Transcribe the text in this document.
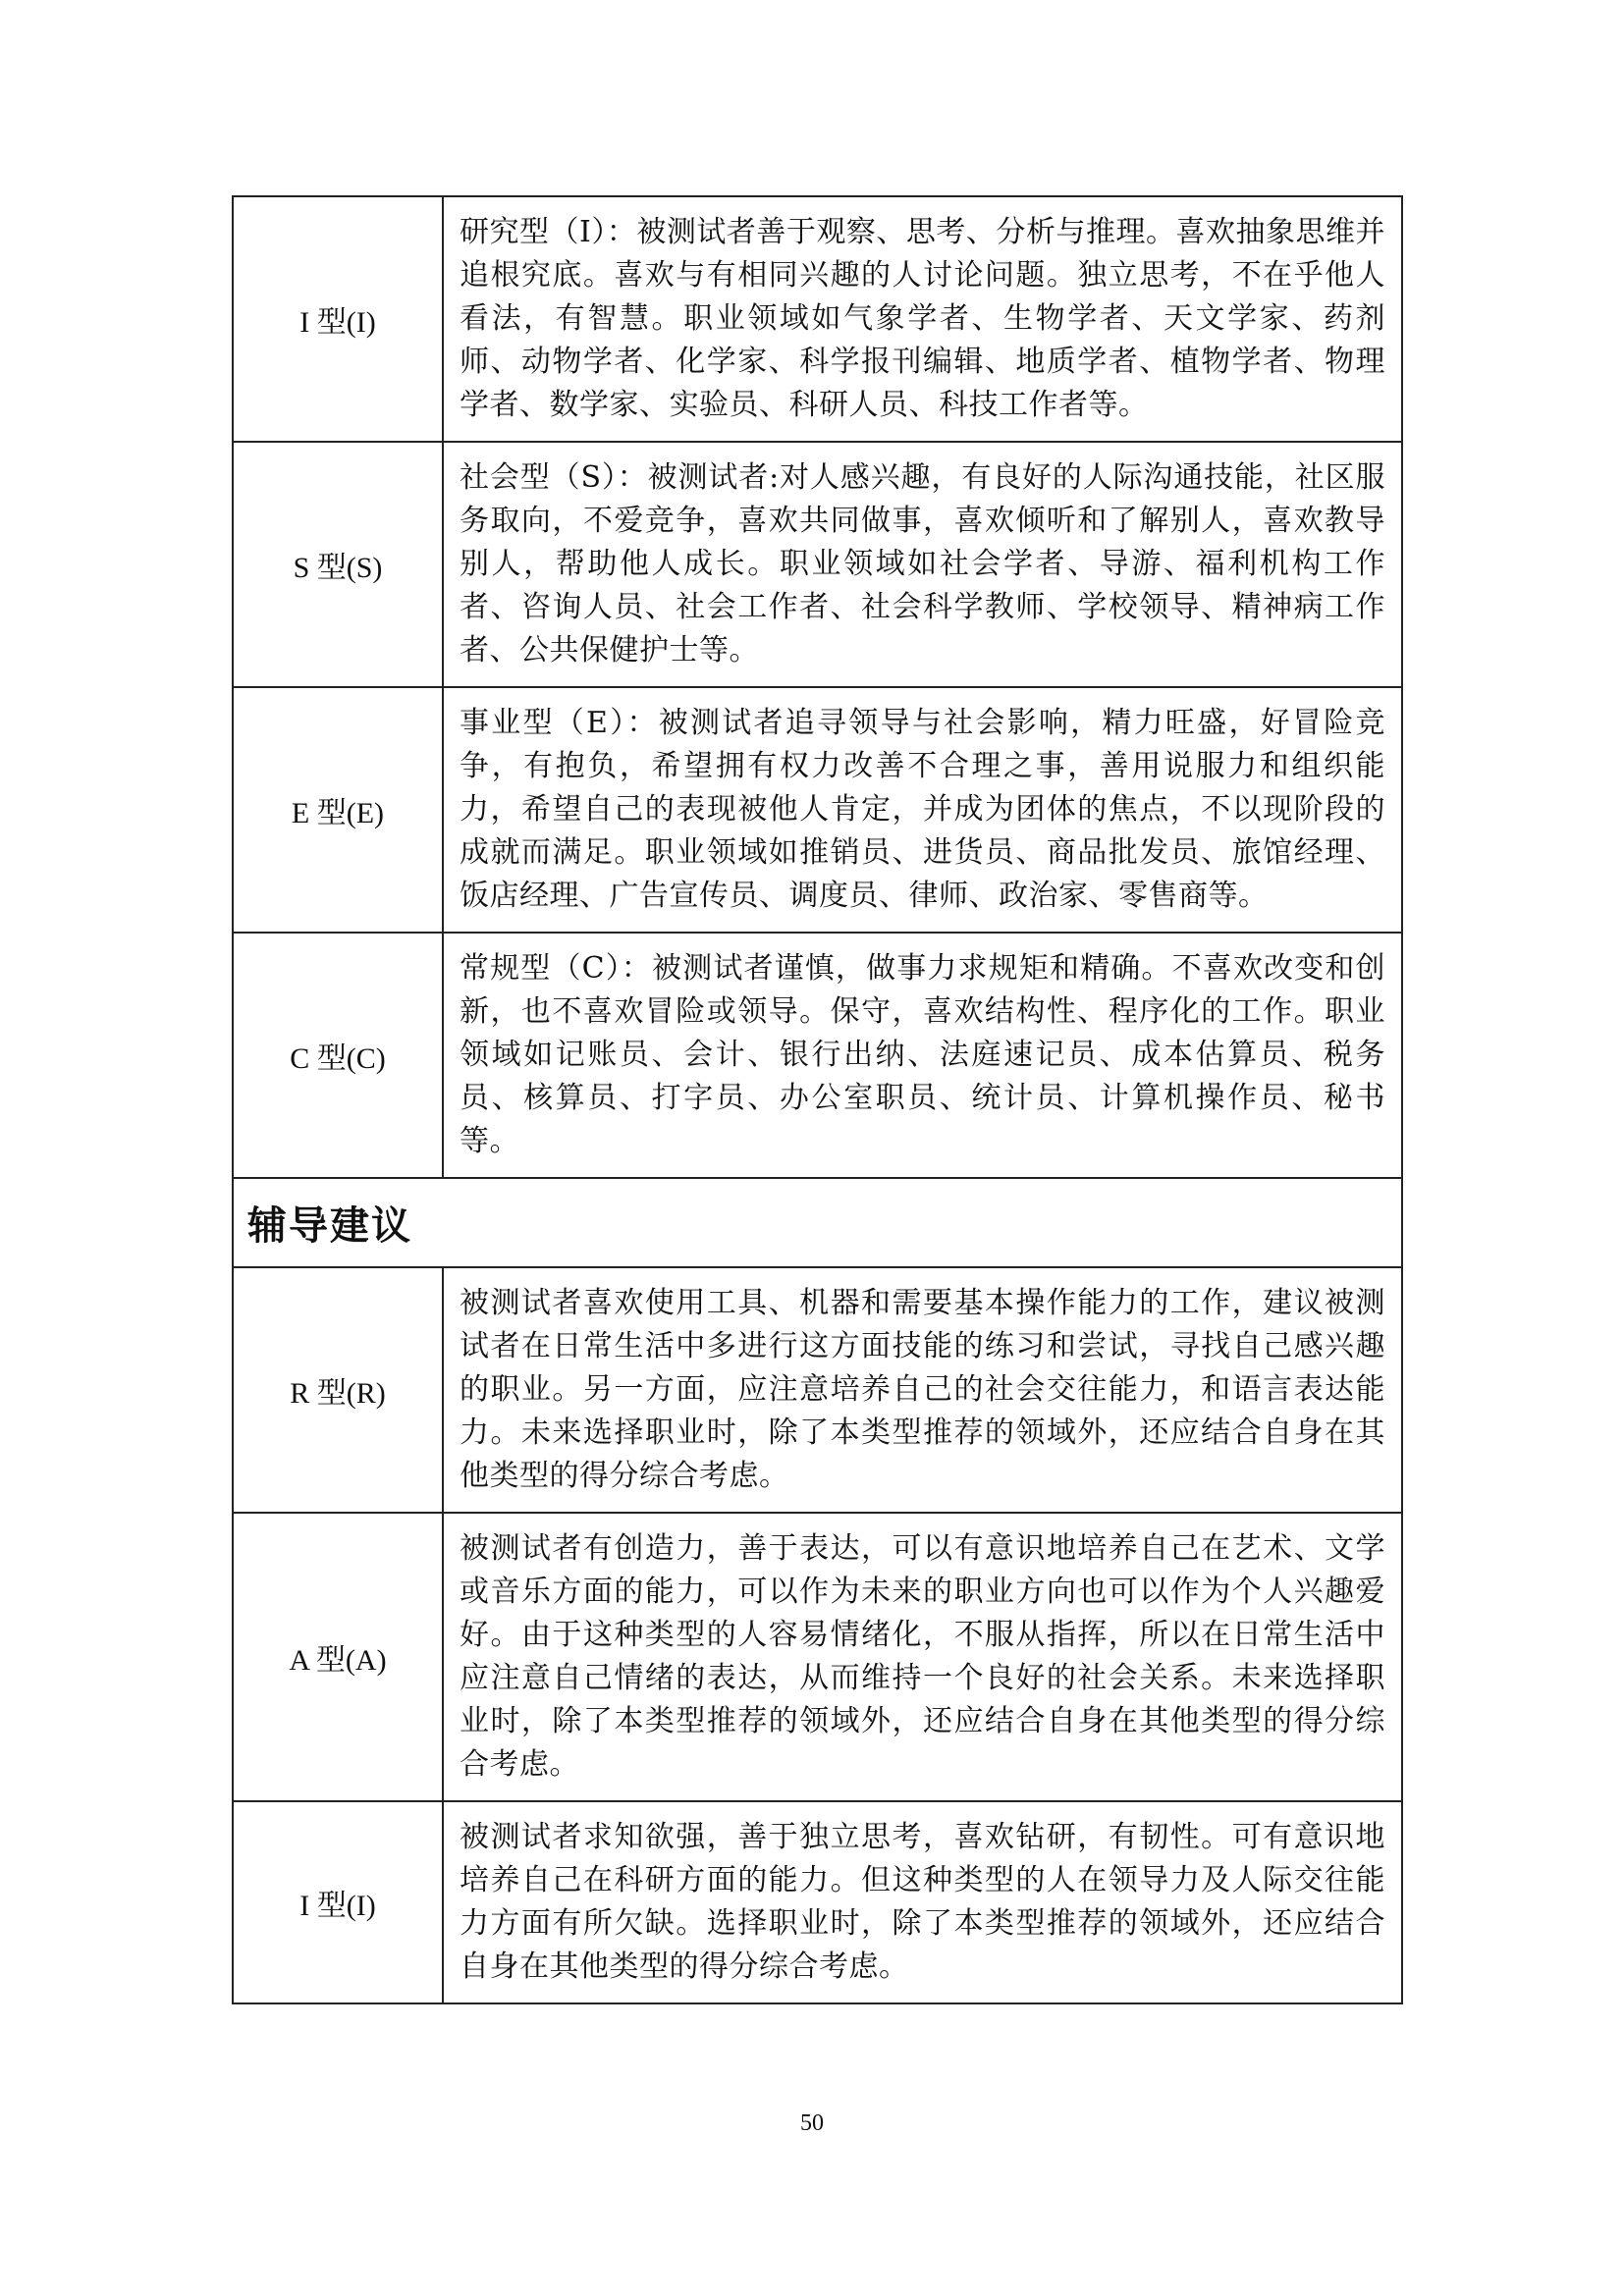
I 型(I)	研究型（I）：被测试者善于观察、思考、分析与推理。喜欢抽象思维并追根究底。喜欢与有相同兴趣的人讨论问题。独立思考，不在乎他人看法，有智慧。职业领域如气象学者、生物学者、天文学家、药剂师、动物学者、化学家、科学报刊编辑、地质学者、植物学者、物理学者、数学家、实验员、科研人员、科技工作者等。
S 型(S)	社会型（S）：被测试者:对人感兴趣，有良好的人际沟通技能，社区服务取向，不爱竞争，喜欢共同做事，喜欢倾听和了解别人，喜欢教导别人，帮助他人成长。职业领域如社会学者、导游、福利机构工作者、咨询人员、社会工作者、社会科学教师、学校领导、精神病工作者、公共保健护士等。
E 型(E)	事业型（E）：被测试者追寻领导与社会影响，精力旺盛，好冒险竞争，有抱负，希望拥有权力改善不合理之事，善用说服力和组织能力，希望自己的表现被他人肯定，并成为团体的焦点，不以现阶段的成就而满足。职业领域如推销员、进货员、商品批发员、旅馆经理、饭店经理、广告宣传员、调度员、律师、政治家、零售商等。
C 型(C)	常规型（C）：被测试者谨慎，做事力求规矩和精确。不喜欢改变和创新，也不喜欢冒险或领导。保守，喜欢结构性、程序化的工作。职业领域如记账员、会计、银行出纳、法庭速记员、成本估算员、税务员、核算员、打字员、办公室职员、统计员、计算机操作员、秘书等。
辅导建议	
R 型(R)	被测试者喜欢使用工具、机器和需要基本操作能力的工作，建议被测试者在日常生活中多进行这方面技能的练习和尝试，寻找自己感兴趣的职业。另一方面，应注意培养自己的社会交往能力，和语言表达能力。未来选择职业时，除了本类型推荐的领域外，还应结合自身在其他类型的得分综合考虑。
A 型(A)	被测试者有创造力，善于表达，可以有意识地培养自己在艺术、文学或音乐方面的能力，可以作为未来的职业方向也可以作为个人兴趣爱好。由于这种类型的人容易情绪化，不服从指挥，所以在日常生活中应注意自己情绪的表达，从而维持一个良好的社会关系。未来选择职业时，除了本类型推荐的领域外，还应结合自身在其他类型的得分综合考虑。
I 型(I)	被测试者求知欲强，善于独立思考，喜欢钻研，有韧性。可有意识地培养自己在科研方面的能力。但这种类型的人在领导力及人际交往能力方面有所欠缺。选择职业时，除了本类型推荐的领域外，还应结合自身在其他类型的得分综合考虑。
50
